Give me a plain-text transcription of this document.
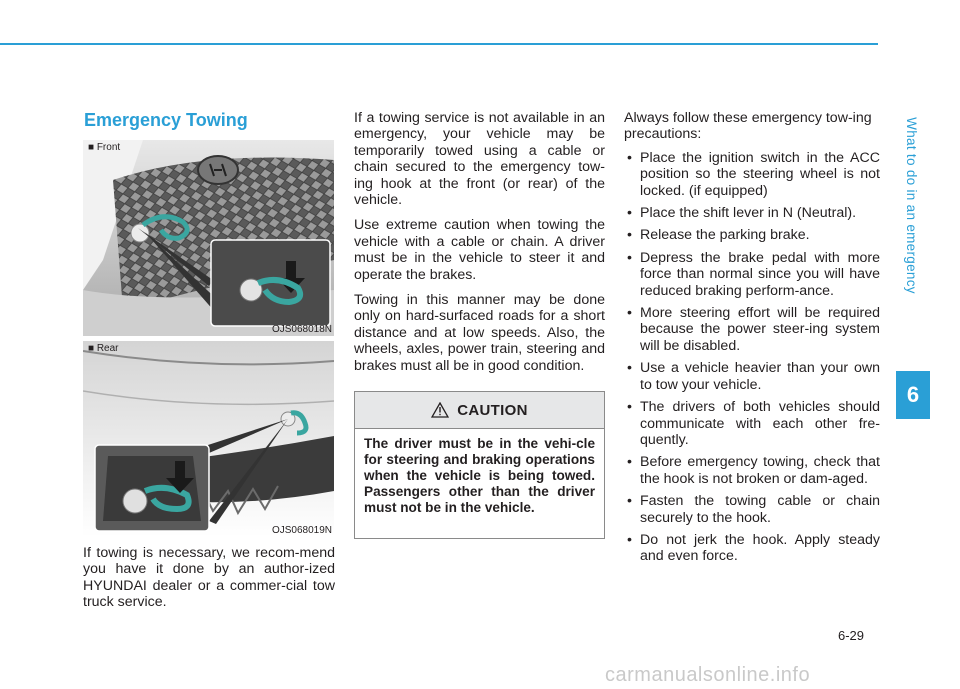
What to do in an emergency
6
Emergency Towing
■ Front
OJS068018N
■ Rear
OJS068019N

If towing is necessary, we recom-mend you have it done by an author-ized HYUNDAI dealer or a commer-cial tow truck service.

If a towing service is not available in an emergency, your vehicle may be temporarily towed using a cable or chain secured to the emergency tow-ing hook at the front (or rear) of the vehicle.

Use extreme caution when towing the vehicle with a cable or chain. A driver must be in the vehicle to steer it and operate the brakes.

Towing in this manner may be done only on hard-surfaced roads for a short distance and at low speeds. Also, the wheels, axles, power train, steering and brakes must all be in good condition.

CAUTION
The driver must be in the vehi-cle for steering and braking operations when the vehicle is being towed. Passengers other than the driver must not be in the vehicle.

Always follow these emergency tow-ing precautions:

• Place the ignition switch in the ACC position so the steering wheel is not locked. (if equipped)
• Place the shift lever in N (Neutral).
• Release the parking brake.
• Depress the brake pedal with more force than normal since you will have reduced braking perform-ance.
• More steering effort will be required because the power steer-ing system will be disabled.
• Use a vehicle heavier than your own to tow your vehicle.
• The drivers of both vehicles should communicate with each other fre-quently.
• Before emergency towing, check that the hook is not broken or dam-aged.
• Fasten the towing cable or chain securely to the hook.
• Do not jerk the hook. Apply steady and even force.
6-29
carmanualsonline.info
